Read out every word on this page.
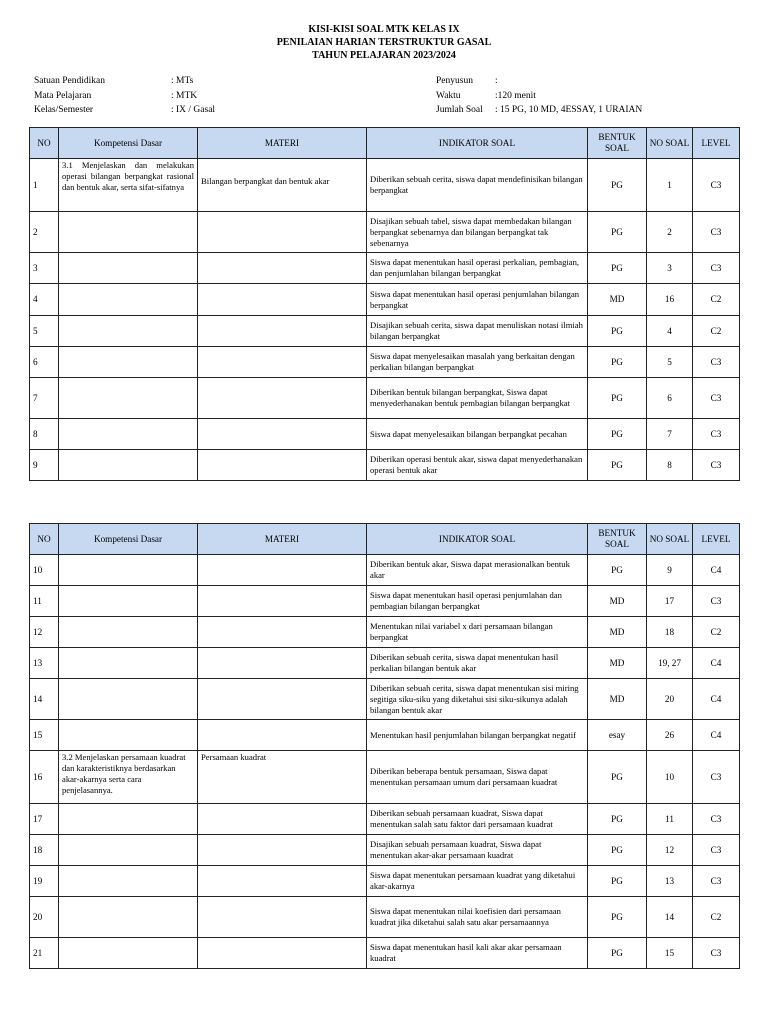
KISI-KISI SOAL MTK KELAS IX
PENILAIAN HARIAN TERSTRUKTUR GASAL
TAHUN PELAJARAN 2023/2024
Satuan Pendidikan	: MTs
Mata Pelajaran	: MTK
Kelas/Semester	: IX / Gasal
Penyusun :
Waktu	:120 menit
Jumlah Soal : 15 PG, 10 MD, 4ESSAY, 1 URAIAN
NO	Kompetensi Dasar	MATERI	INDIKATOR SOAL	BENTUK SOAL	NO SOAL	LEVEL
1	3.1 Menjelaskan dan melakukan operasi bilangan berpangkat rasional dan bentuk akar, serta sifat-sifatnya	Bilangan berpangkat dan bentuk akar	Diberikan sebuah cerita, siswa dapat mendefinisikan bilangan berpangkat	PG	1	C3
2			Disajikan sebuah tabel, siswa dapat membedakan bilangan berpangkat sebenarnya dan bilangan berpangkat tak sebenarnya	PG	2	C3
3			Siswa dapat menentukan hasil operasi perkalian, pembagian, dan penjumlahan bilangan berpangkat	PG	3	C3
4			Siswa dapat menentukan hasil operasi penjumlahan bilangan berpangkat	MD	16	C2
5			Disajikan sebuah cerita, siswa dapat menuliskan notasi ilmiah bilangan berpangkat	PG	4	C2
6			Siswa dapat menyelesaikan masalah yang berkaitan dengan perkalian bilangan berpangkat	PG	5	C3
7			Diberikan bentuk bilangan berpangkat, Siswa dapat menyederhanakan bentuk pembagian bilangan berpangkat	PG	6	C3
8			Siswa dapat menyelesaikan bilangan berpangkat pecahan	PG	7	C3
9			Diberikan operasi bentuk akar, siswa dapat menyederhanakan operasi bentuk akar	PG	8	C3
NO	Kompetensi Dasar	MATERI	INDIKATOR SOAL	BENTUK SOAL	NO SOAL	LEVEL
10			Diberikan bentuk akar, Siswa dapat merasionalkan bentuk akar	PG	9	C4
11			Siswa dapat menentukan hasil operasi penjumlahan dan pembagian bilangan berpangkat	MD	17	C3
12			Menentukan nilai variabel x dari persamaan bilangan berpangkat	MD	18	C2
13			Diberikan sebuah cerita, siswa dapat menentukan hasil perkalian bilangan bentuk akar	MD	19, 27	C4
14			Diberikan sebuah cerita, siswa dapat menentukan sisi miring segitiga siku-siku yang diketahui sisi siku-sikunya adalah bilangan bentuk akar	MD	20	C4
15			Menentukan hasil penjumlahan bilangan berpangkat negatif	esay	26	C4
16	3.2 Menjelaskan persamaan kuadrat dan karakteristiknya berdasarkan akar-akarnya serta cara penjelasannya.	Persamaan kuadrat	Diberikan beberapa bentuk persamaan, Siswa dapat menentukan persamaan umum dari persamaan kuadrat	PG	10	C3
17			Diberikan sebuah persamaan kuadrat, Siswa dapat menentukan salah satu faktor dari persamaan kuadrat	PG	11	C3
18			Disajikan sebuah persamaan kuadrat, Siswa dapat menentukan akar-akar persamaan kuadrat	PG	12	C3
19			Siswa dapat menentukan persamaan kuadrat yang diketahui akar-akarnya	PG	13	C3
20			Siswa dapat menentukan nilai koefisien dari persamaan kuadrat jika diketahui salah satu akar persamaannya	PG	14	C2
21			Siswa dapat menentukan hasil kali akar akar persamaan kuadrat	PG	15	C3
